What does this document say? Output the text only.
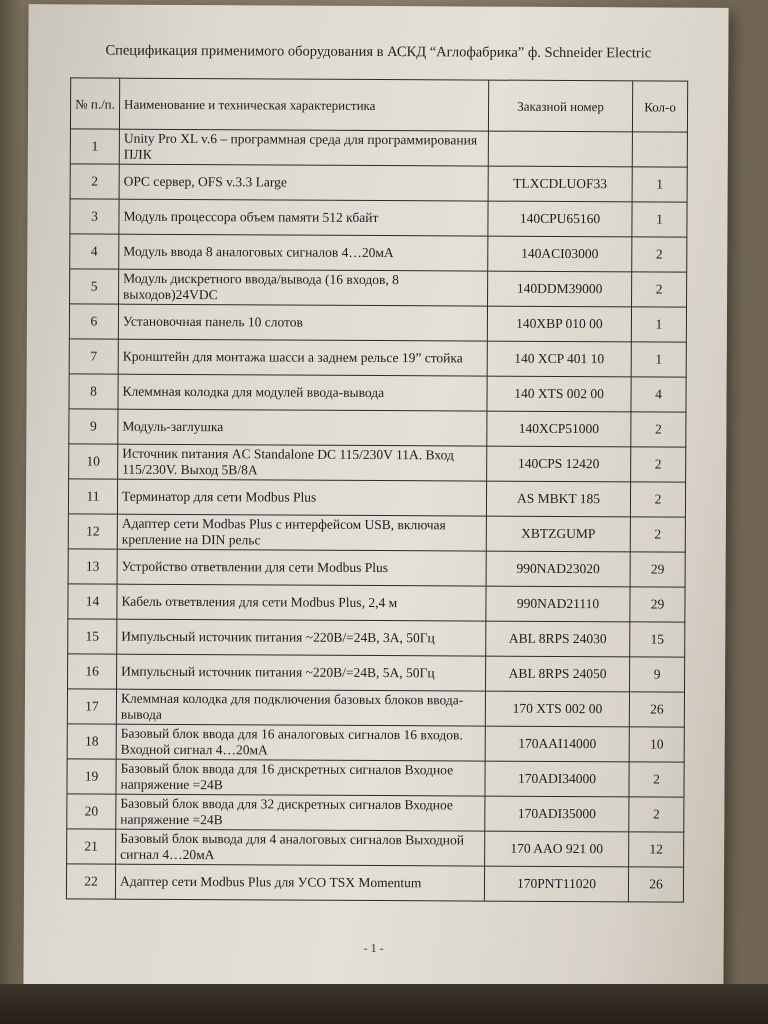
Спецификация применимого оборудования в АСКД “Аглофабрика” ф. Schneider Electric
№ п./п.	Наименование и техническая характеристика	Заказной номер	Кол-о
1	Unity Pro XL v.6 – программная среда для программирования ПЛК		
2	OPC сервер, OFS v.3.3 Large	TLXCDLUOF33	1
3	Модуль процессора объем памяти 512 кбайт	140CPU65160	1
4	Модуль ввода 8 аналоговых сигналов 4…20мА	140ACI03000	2
5	Модуль дискретного ввода/вывода (16 входов, 8 выходов)24VDC	140DDM39000	2
6	Установочная панель 10 слотов	140XBP 010 00	1
7	Кронштейн для монтажа шасси а заднем рельсе 19” стойка	140 XCP 401 10	1
8	Клеммная колодка для модулей ввода-вывода	140 XTS 002 00	4
9	Модуль-заглушка	140XCP51000	2
10	Источник питания AC Standalone DC 115/230V 11A. Вход 115/230V. Выход 5В/8А	140CPS 12420	2
11	Терминатор для сети Modbus Plus	AS MBKT 185	2
12	Адаптер сети Modbas Plus с интерфейсом USB, включая крепление на DIN рельс	XBTZGUMP	2
13	Устройство ответвлении для сети Modbus Plus	990NAD23020	29
14	Кабель ответвления для сети Modbus Plus, 2,4 м	990NAD21110	29
15	Импульсный источник питания ~220В/=24В, 3А, 50Гц	ABL 8RPS 24030	15
16	Импульсный источник питания ~220В/=24В, 5А, 50Гц	ABL 8RPS 24050	9
17	Клеммная колодка для подключения базовых блоков ввода-вывода	170 XTS 002 00	26
18	Базовый блок ввода для 16 аналоговых сигналов 16 входов. Входной сигнал 4…20мА	170AAI14000	10
19	Базовый блок ввода для 16 дискретных сигналов Входное напряжение =24В	170ADI34000	2
20	Базовый блок ввода для 32 дискретных сигналов Входное напряжение =24В	170ADI35000	2
21	Базовый блок вывода для 4 аналоговых сигналов Выходной сигнал 4…20мА	170 AAO 921 00	12
22	Адаптер сети Modbus Plus для УСО TSX Momentum	170PNT11020	26
- 1 -
